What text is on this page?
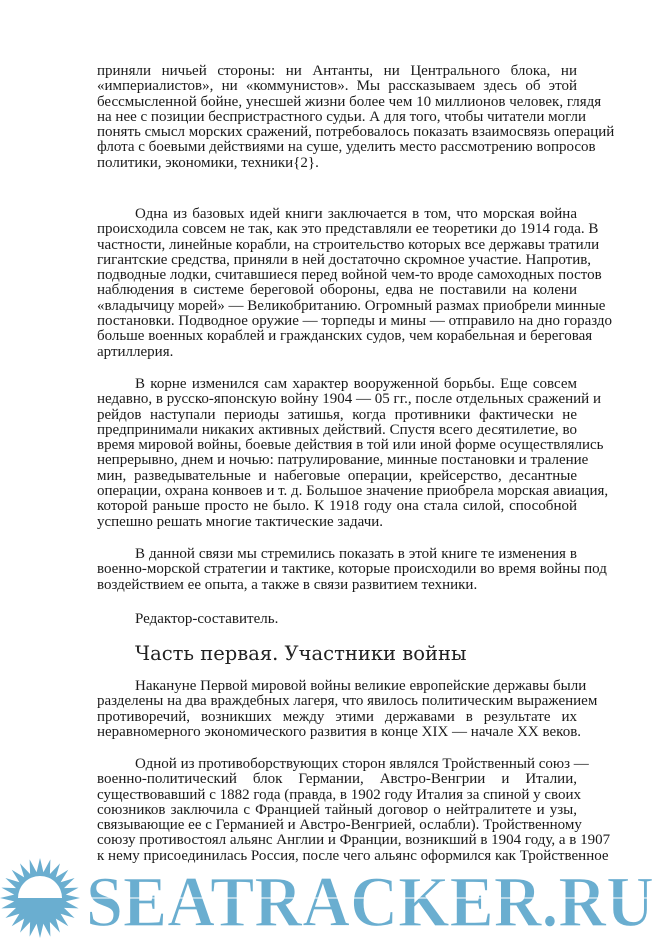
приняли ничьей стороны: ни Антанты, ни Центрального блока, ни
«империалистов», ни «коммунистов». Мы рассказываем здесь об этой
бессмысленной бойне, унесшей жизни более чем 10 миллионов человек, глядя
на нее с позиции беспристрастного судьи. А для того, чтобы читатели могли
понять смысл морских сражений, потребовалось показать взаимосвязь операций
флота с боевыми действиями на суше, уделить место рассмотрению вопросов
политики, экономики, техники{2}.
Одна из базовых идей книги заключается в том, что морская война
происходила совсем не так, как это представляли ее теоретики до 1914 года. В
частности, линейные корабли, на строительство которых все державы тратили
гигантские средства, приняли в ней достаточно скромное участие. Напротив,
подводные лодки, считавшиеся перед войной чем-то вроде самоходных постов
наблюдения в системе береговой обороны, едва не поставили на колени
«владычицу морей» — Великобританию. Огромный размах приобрели минные
постановки. Подводное оружие — торпеды и мины — отправило на дно гораздо
больше военных кораблей и гражданских судов, чем корабельная и береговая
артиллерия.
В корне изменился сам характер вооруженной борьбы. Еще совсем
недавно, в русско-японскую войну 1904 — 05 гг., после отдельных сражений и
рейдов наступали периоды затишья, когда противники фактически не
предпринимали никаких активных действий. Спустя всего десятилетие, во
время мировой войны, боевые действия в той или иной форме осуществлялись
непрерывно, днем и ночью: патрулирование, минные постановки и траление
мин, разведывательные и набеговые операции, крейсерство, десантные
операции, охрана конвоев и т. д. Большое значение приобрела морская авиация,
которой раньше просто не было. К 1918 году она стала силой, способной
успешно решать многие тактические задачи.
В данной связи мы стремились показать в этой книге те изменения в
военно-морской стратегии и тактике, которые происходили во время войны под
воздействием ее опыта, а также в связи развитием техники.
Редактор-составитель.
Часть первая. Участники войны
Накануне Первой мировой войны великие европейские державы были
разделены на два враждебных лагеря, что явилось политическим выражением
противоречий, возникших между этими державами в результате их
неравномерного экономического развития в конце XIX — начале XX веков.
Одной из противоборствующих сторон являлся Тройственный союз —
военно-политический блок Германии, Австро-Венгрии и Италии,
существовавший с 1882 года (правда, в 1902 году Италия за спиной у своих
союзников заключила с Францией тайный договор о нейтралитете и узы,
связывающие ее с Германией и Австро-Венгрией, ослабли). Тройственному
союзу противостоял альянс Англии и Франции, возникший в 1904 году, а в 1907
к нему присоединилась Россия, после чего альянс оформился как Тройственное
SEATRACKER.RU
